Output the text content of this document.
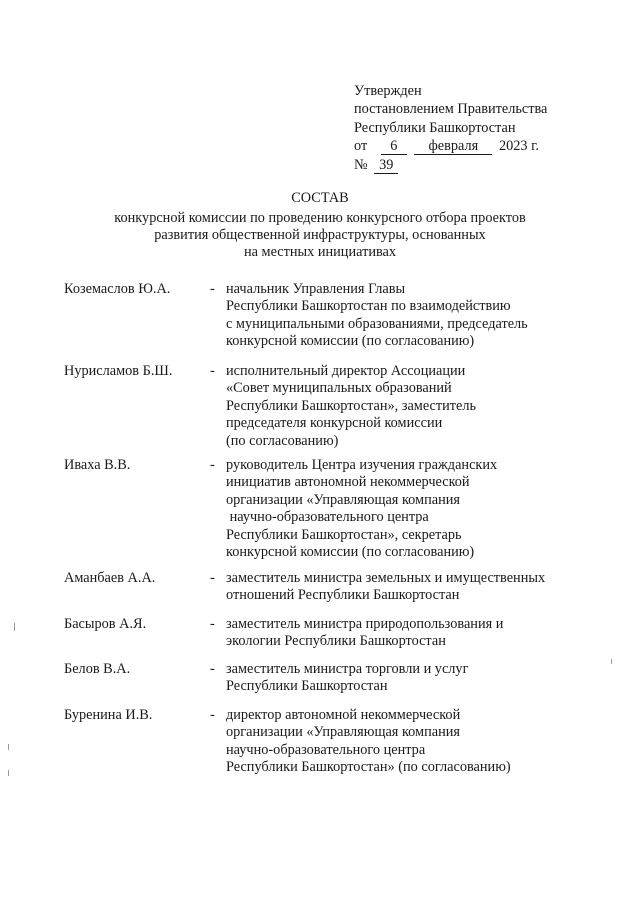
Утвержден
постановлением Правительства
Республики Башкортостан
от 6 февраля 2023 г.
№ 39
СОСТАВ
конкурсной комиссии по проведению конкурсного отбора проектов
развития общественной инфраструктуры, основанных
на местных инициативах
Коземаслов Ю.А.	- начальник Управления Главы
Республики Башкортостан по взаимодействию
с муниципальными образованиями, председатель
конкурсной комиссии (по согласованию)
Нурисламов Б.Ш.	- исполнительный директор Ассоциации
«Совет муниципальных образований
Республики Башкортостан», заместитель
председателя конкурсной комиссии
(по согласованию)
Иваха В.В.	- руководитель Центра изучения гражданских
инициатив автономной некоммерческой
организации «Управляющая компания
научно-образовательного центра
Республики Башкортостан», секретарь
конкурсной комиссии (по согласованию)
Аманбаев А.А.	- заместитель министра земельных и имущественных
отношений Республики Башкортостан
Басыров А.Я.	- заместитель министра природопользования и
экологии Республики Башкортостан
Белов В.А.	- заместитель министра торговли и услуг
Республики Башкортостан
Буренина И.В.	- директор автономной некоммерческой
организации «Управляющая компания
научно-образовательного центра
Республики Башкортостан» (по согласованию)
